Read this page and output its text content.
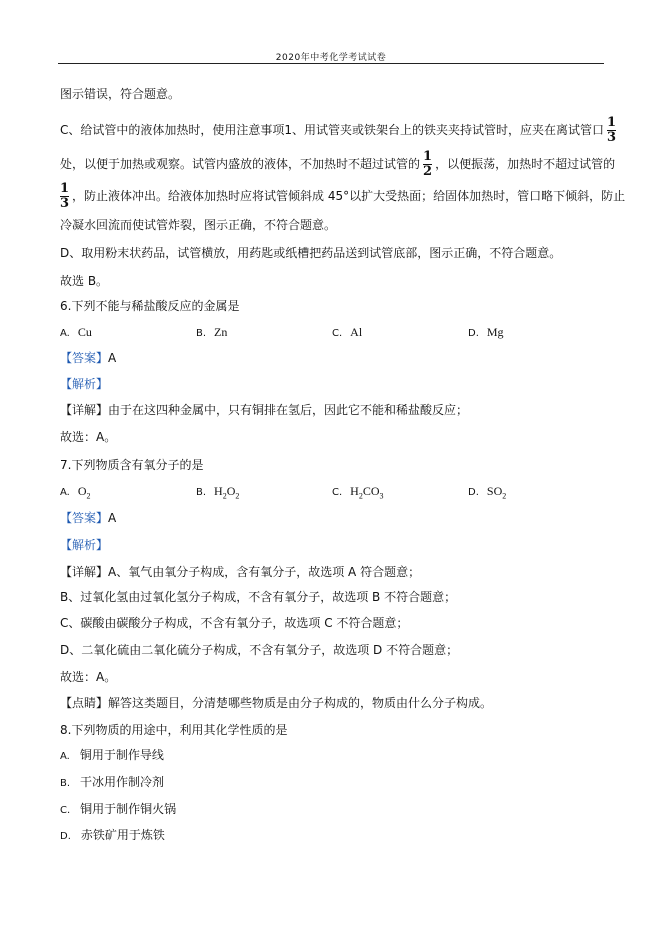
2020年中考化学考试试卷
图示错误，符合题意。
C、给试管中的液体加热时，使用注意事项1、用试管夹或铁架台上的铁夹夹持试管时，应夹在离试管口 $\frac{1}{3}$
处，以便于加热或观察。试管内盛放的液体，不加热时不超过试管的 $\frac{1}{2}$ ，以便振荡，加热时不超过试管的
$\frac{1}{3}$ ，防止液体冲出。给液体加热时应将试管倾斜成 45°以扩大受热面；给固体加热时，管口略下倾斜，防止
冷凝水回流而使试管炸裂，图示正确，不符合题意。
D、取用粉末状药品，试管横放，用药匙或纸槽把药品送到试管底部，图示正确，不符合题意。
故选 B。
6.下列不能与稀盐酸反应的金属是
A. Cu	B. Zn	C. Al	D. Mg
【答案】A
【解析】
【详解】由于在这四种金属中，只有铜排在氢后，因此它不能和稀盐酸反应；
故选：A。
7.下列物质含有氧分子的是
A. $O_2$	B. $H_2O_2$	C. $H_2CO_3$	D. $SO_2$
【答案】A
【解析】
【详解】A、氧气由氧分子构成，含有氧分子，故选项 A 符合题意；
B、过氧化氢由过氧化氢分子构成，不含有氧分子，故选项 B 不符合题意；
C、碳酸由碳酸分子构成，不含有氧分子，故选项 C 不符合题意；
D、二氧化硫由二氧化硫分子构成，不含有氧分子，故选项 D 不符合题意；
故选：A。
【点睛】解答这类题目，分清楚哪些物质是由分子构成的，物质由什么分子构成。
8.下列物质的用途中，利用其化学性质的是
A. 铜用于制作导线
B. 干冰用作制冷剂
C. 铜用于制作铜火锅
D. 赤铁矿用于炼铁
